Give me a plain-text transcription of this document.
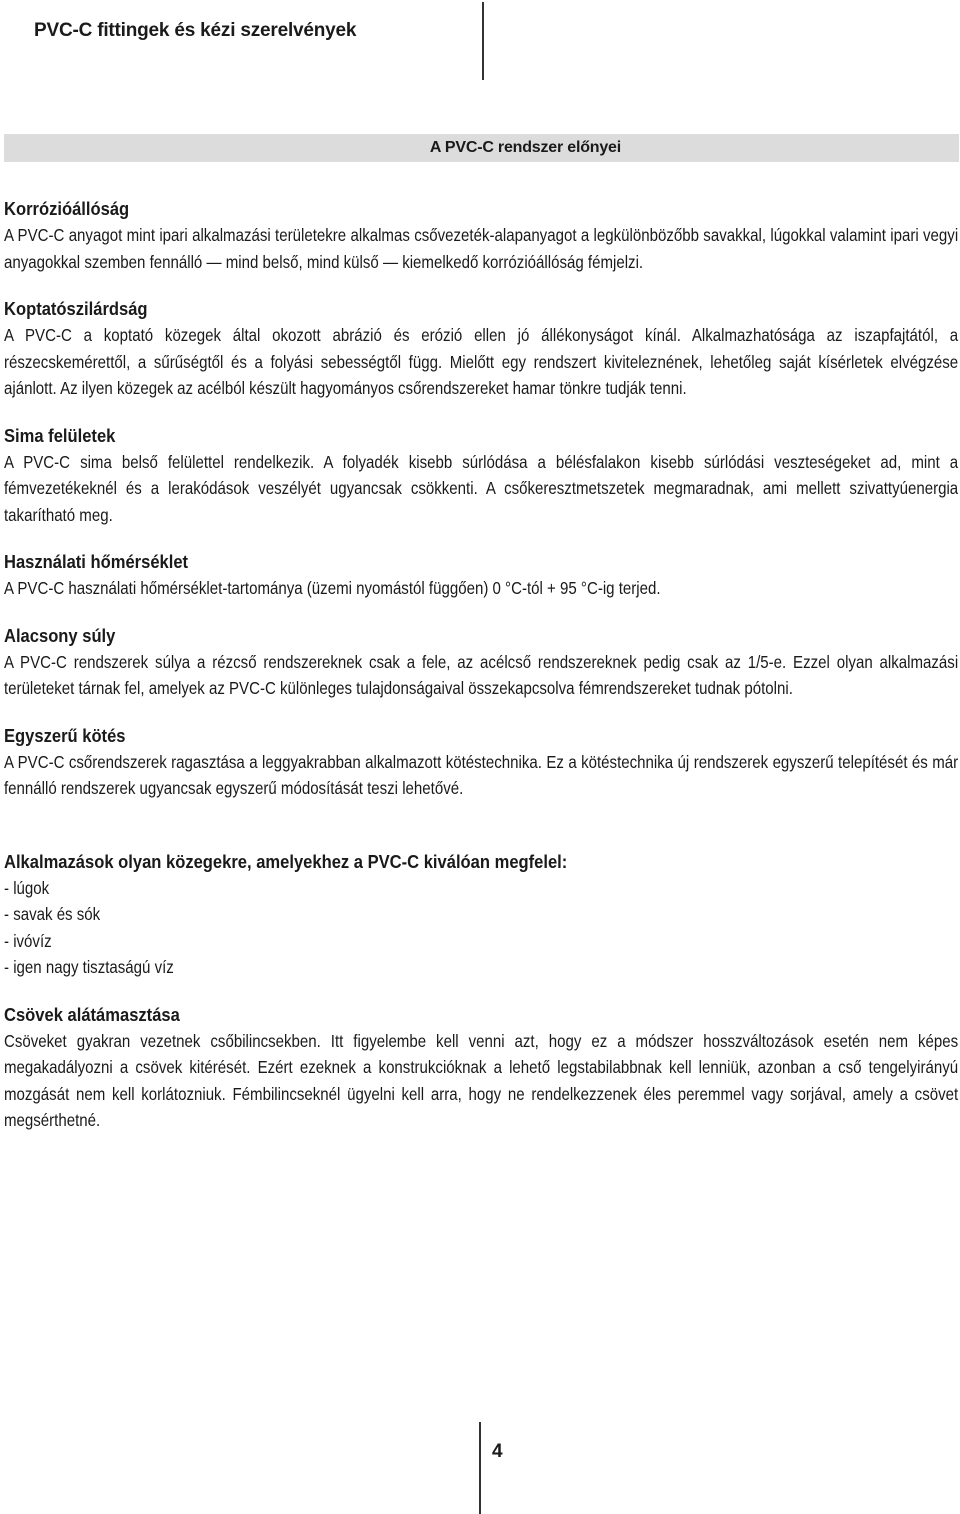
PVC-C fittingek és kézi szerelvények
A PVC-C rendszer előnyei
Korrózióállóság

A PVC-C anyagot mint ipari alkalmazási területekre alkalmas csővezeték-alapanyagot a legkülönbözőbb savakkal, lúgokkal valamint ipari vegyi anyagokkal szemben fennálló — mind belső, mind külső — kiemelkedő korrózióállóság fémjelzi.

Koptatószilárdság

A PVC-C a koptató közegek által okozott abrázió és erózió ellen jó állékonyságot kínál. Alkalmazhatósága az iszapfajtától, a részecskemérettől, a sűrűségtől és a folyási sebességtől függ. Mielőtt egy rendszert kiviteleznének, lehetőleg saját kísérletek elvégzése ajánlott. Az ilyen közegek az acélból készült hagyományos csőrendszereket hamar tönkre tudják tenni.

Sima felületek

A PVC-C sima belső felülettel rendelkezik. A folyadék kisebb súrlódása a bélésfalakon kisebb súrlódási veszteségeket ad, mint a fémvezetékeknél és a lerakódások veszélyét ugyancsak csökkenti. A csőkeresztmetszetek megmaradnak, ami mellett szivattyúenergia takarítható meg.

Használati hőmérséklet

A PVC-C használati hőmérséklet-tartománya (üzemi nyomástól függően) 0 °C-tól + 95 °C-ig terjed.

Alacsony súly

A PVC-C rendszerek súlya a rézcső rendszereknek csak a fele, az acélcső rendszereknek pedig csak az 1/5-e. Ezzel olyan alkalmazási területeket tárnak fel, amelyek az PVC-C különleges tulajdonságaival összekapcsolva fémrendszereket tudnak pótolni.

Egyszerű kötés

A PVC-C csőrendszerek ragasztása a leggyakrabban alkalmazott kötéstechnika. Ez a kötéstechnika új rendszerek egyszerű telepítését és már fennálló rendszerek ugyancsak egyszerű módosítását teszi lehetővé.

Alkalmazások olyan közegekre, amelyekhez a PVC-C kiválóan megfelel:
- lúgok
- savak és sók
- ivóvíz
- igen nagy tisztaságú víz
Csövek alátámasztása

Csöveket gyakran vezetnek csőbilincsekben. Itt figyelembe kell venni azt, hogy ez a módszer hosszváltozások esetén nem képes megakadályozni a csövek kitérését. Ezért ezeknek a konstrukcióknak a lehető legstabilabbnak kell lenniük, azonban a cső tengelyirányú mozgását nem kell korlátozniuk. Fémbilincseknél ügyelni kell arra, hogy ne rendelkezzenek éles peremmel vagy sorjával, amely a csövet megsérthetné.

4
